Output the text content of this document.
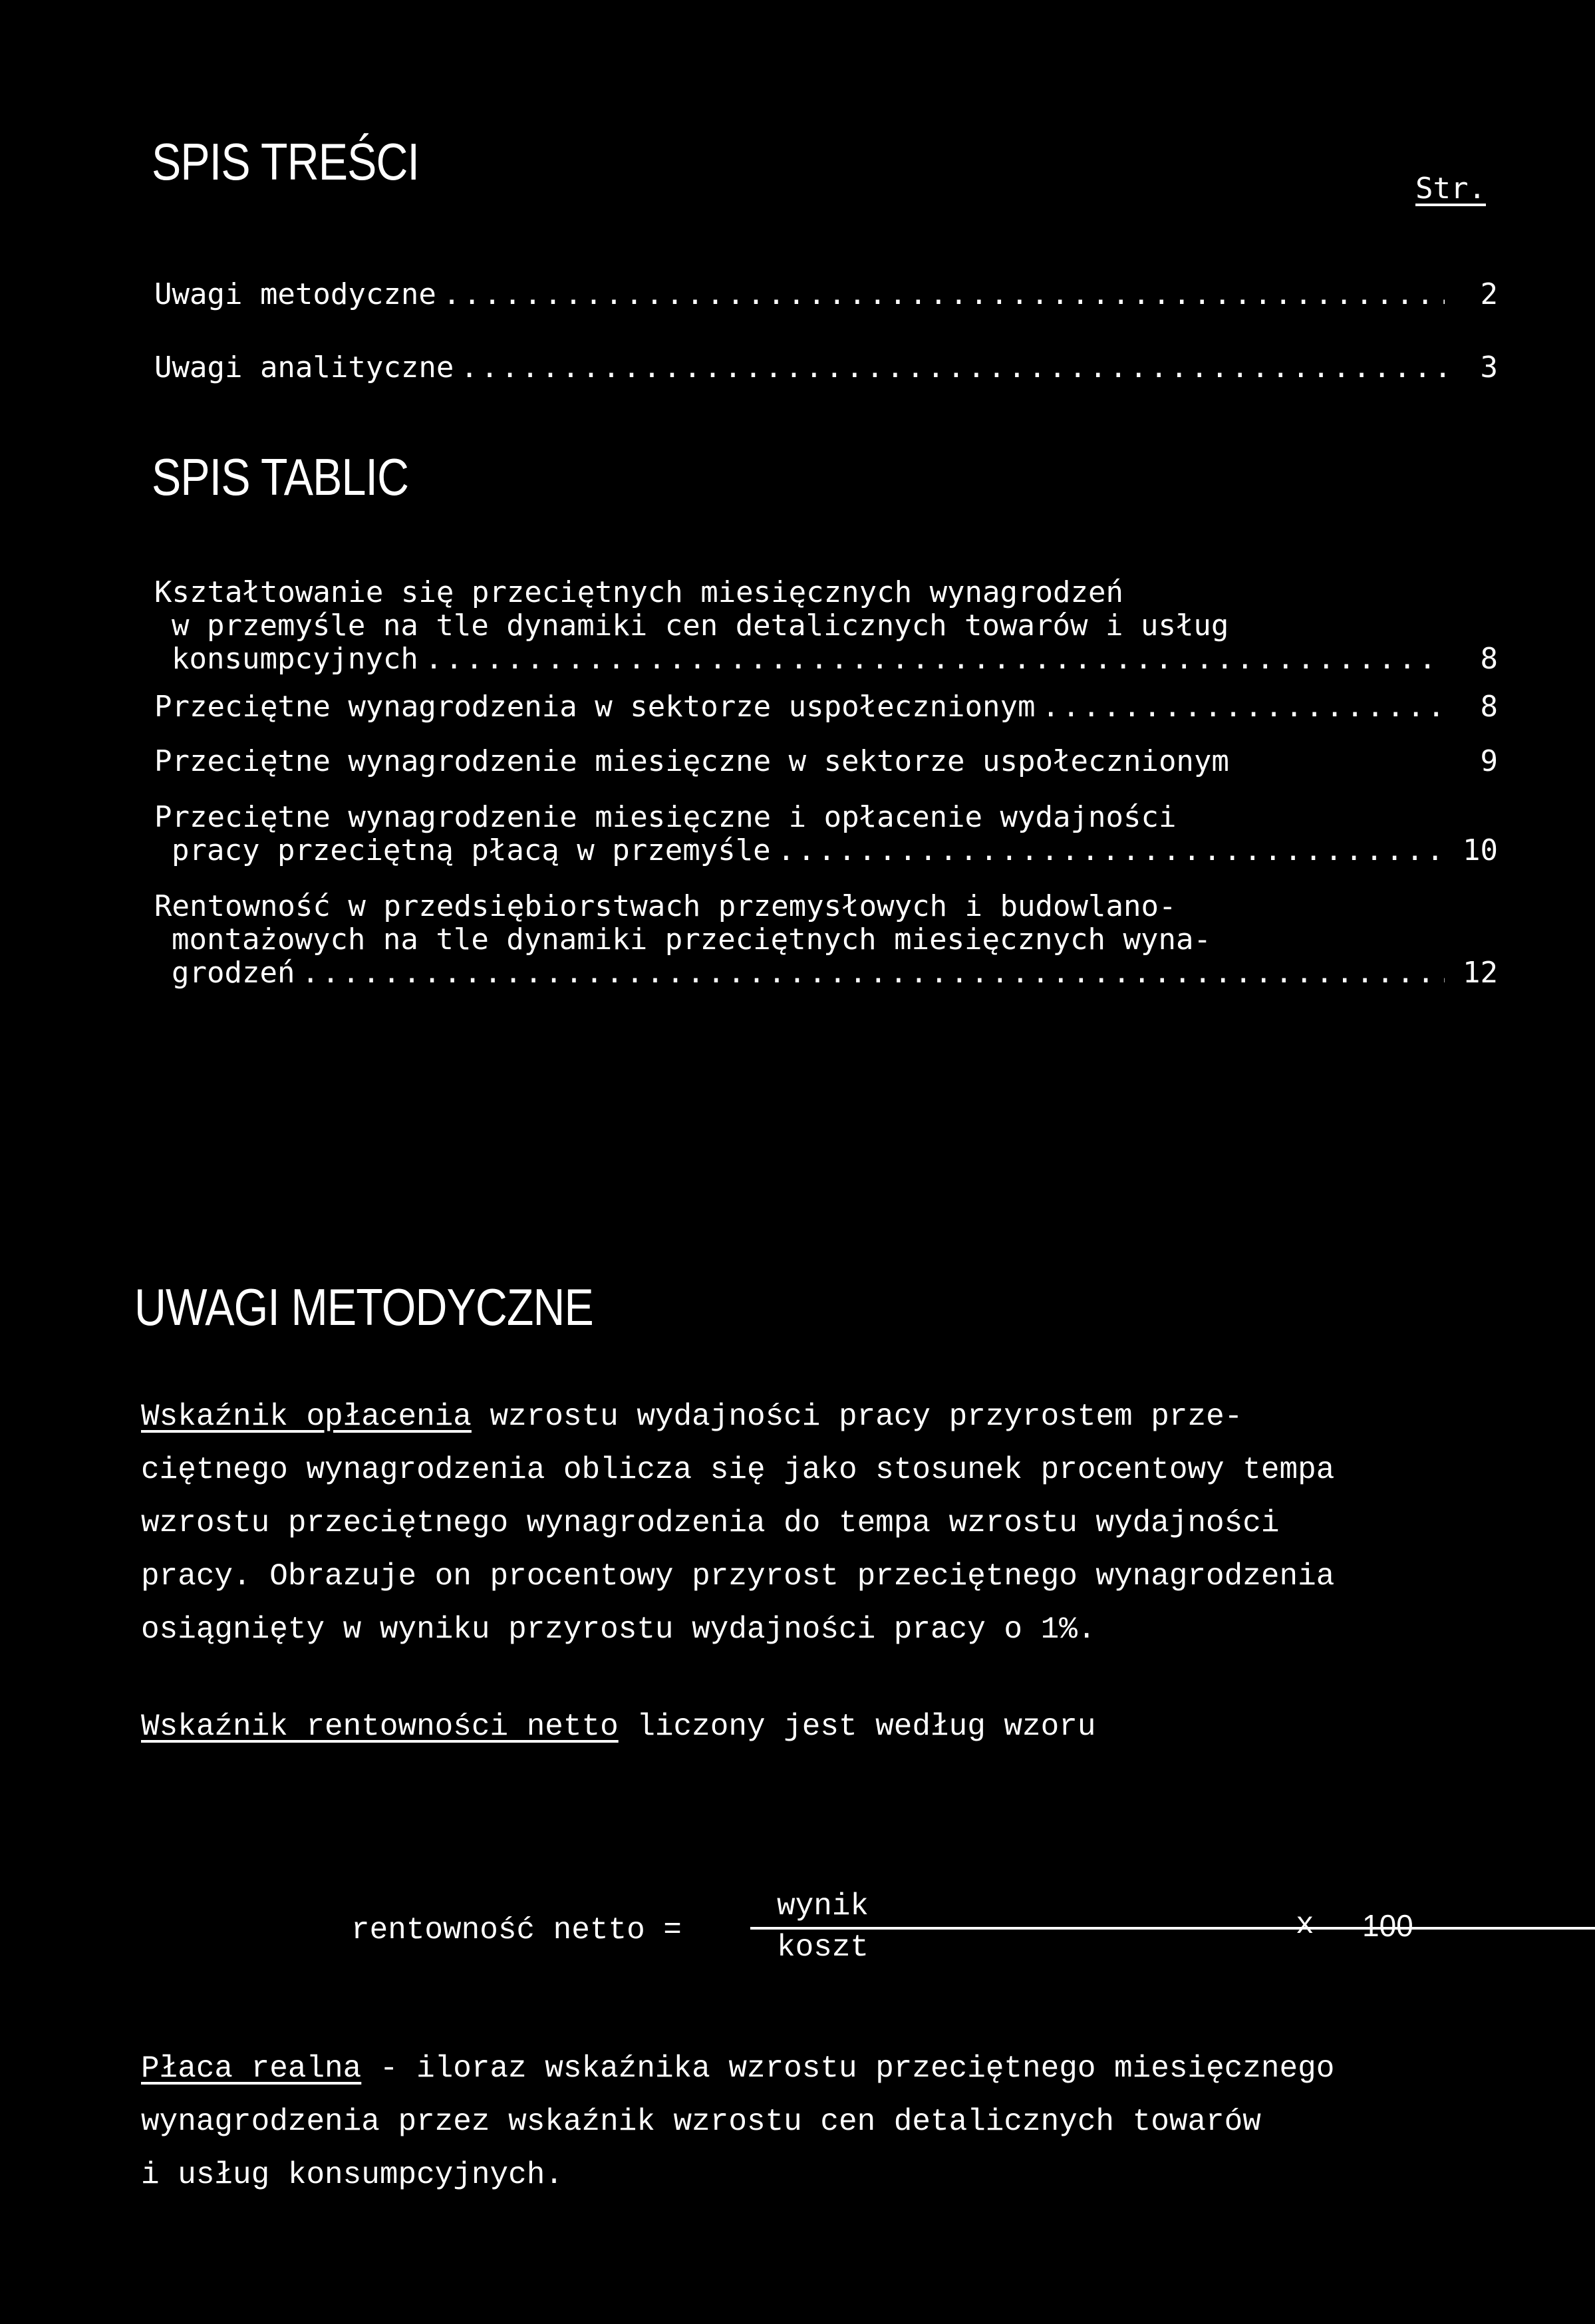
SPIS TREŚCI	Str.
Uwagi metodyczne .....	2
Uwagi analityczne .....	3
SPIS TABLIC
Kształtowanie się przeciętnych miesięcznych wynagrodzeń
w przemyśle na tle dynamiki cen detalicznych towarów i usług
konsumpcyjnych .....	8
Przeciętne wynagrodzenia w sektorze uspołecznionym .....	8
Przeciętne wynagrodzenie miesięczne w sektorze uspołecznionym	9
Przeciętne wynagrodzenie miesięczne i opłacenie wydajności
pracy przeciętną płacą w przemyśle .....	10
Rentowność w przedsiębiorstwach przemysłowych i budowlano-
montażowych na tle dynamiki przeciętnych miesięcznych wyna-
grodzeń .....	12
UWAGI METODYCZNE
Wskaźnik opłacenia wzrostu wydajności pracy przyrostem prze-
ciętnego wynagrodzenia oblicza się jako stosunek procentowy tempa
wzrostu przeciętnego wynagrodzenia do tempa wzrostu wydajności
pracy. Obrazuje on procentowy przyrost przeciętnego wynagrodzenia
osiągnięty w wyniku przyrostu wydajności pracy o 1%.
Wskaźnik rentowności netto liczony jest według wzoru
rentowność netto =
wynik
koszt
x 100
Płaca realna - iloraz wskaźnika wzrostu przeciętnego miesięcznego
wynagrodzenia przez wskaźnik wzrostu cen detalicznych towarów
i usług konsumpcyjnych.
